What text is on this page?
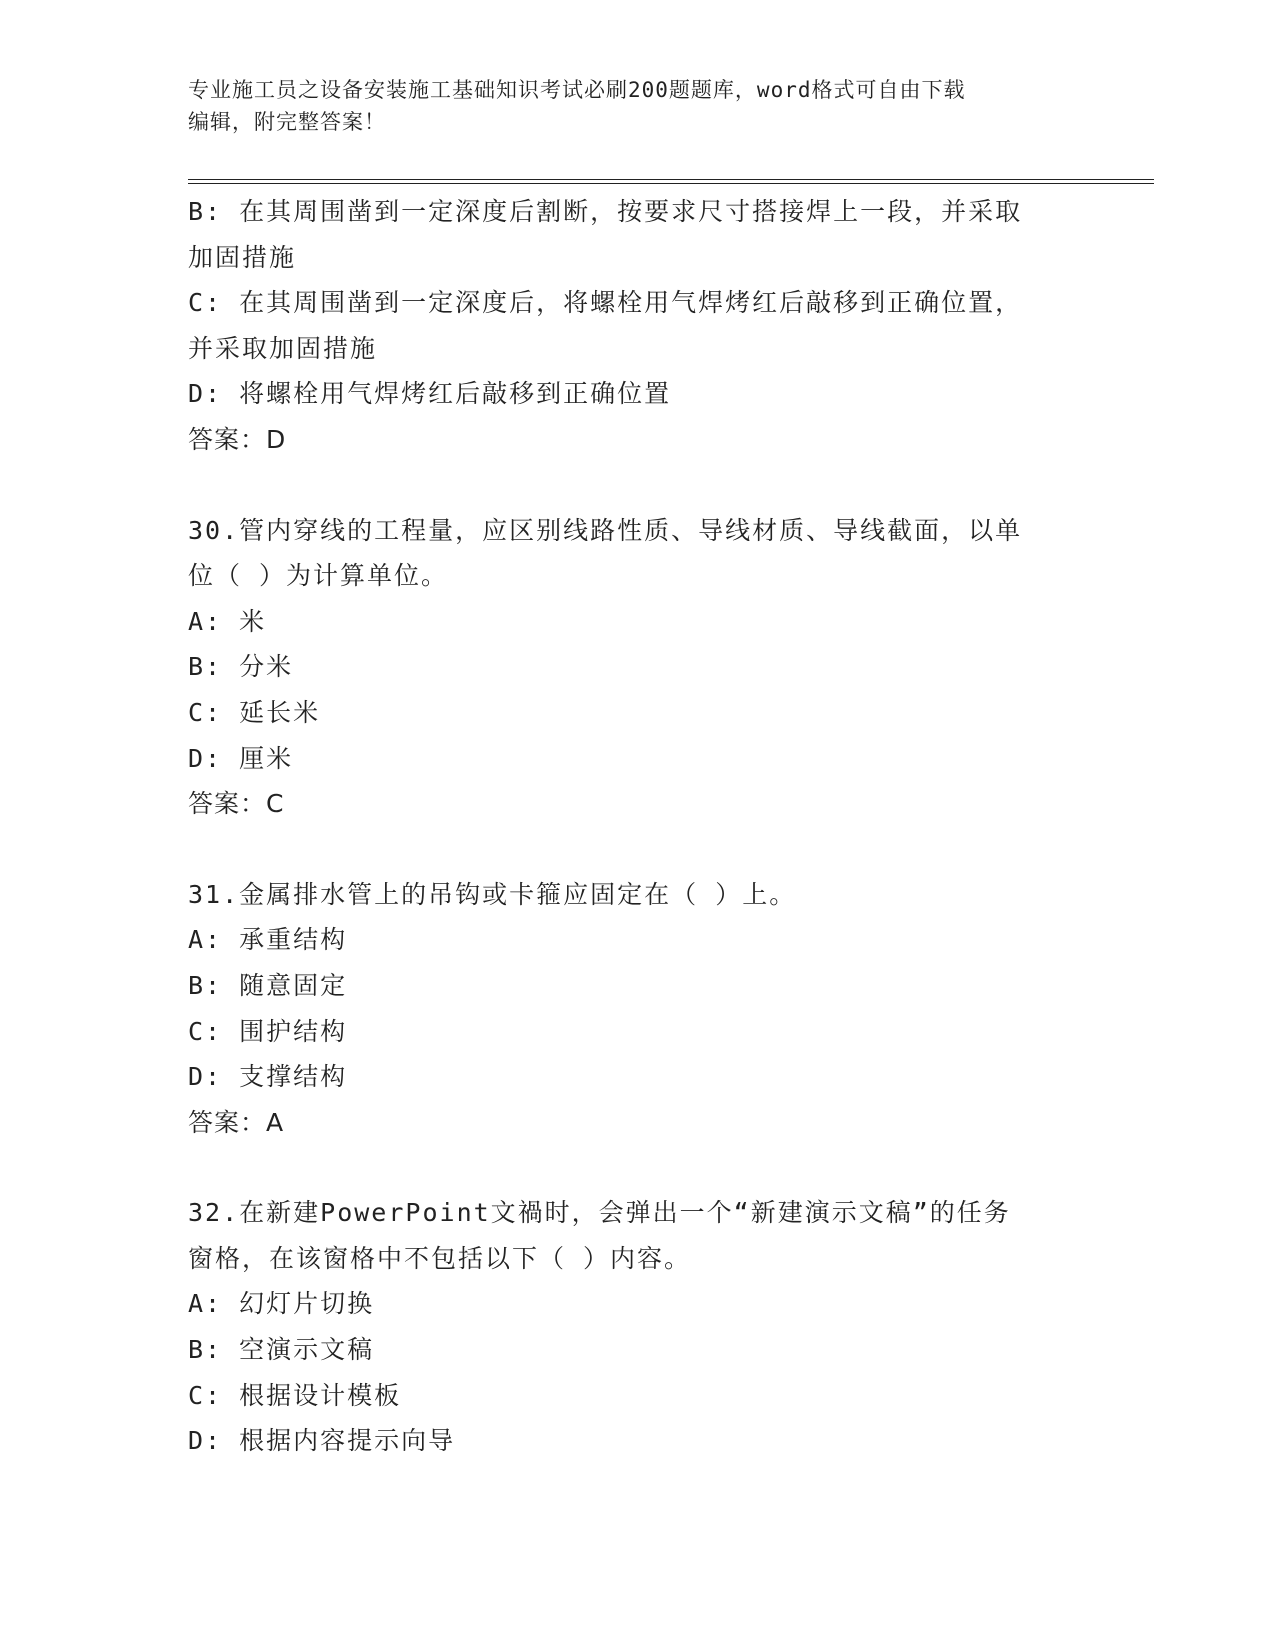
专业施工员之设备安装施工基础知识考试必刷200题题库，word格式可自由下载
编辑，附完整答案！
B: 在其周围凿到一定深度后割断，按要求尺寸搭接焊上一段，并采取
加固措施
C: 在其周围凿到一定深度后，将螺栓用气焊烤红后敲移到正确位置，
并采取加固措施
D: 将螺栓用气焊烤红后敲移到正确位置
答案：D
30.管内穿线的工程量，应区别线路性质、导线材质、导线截面，以单
位（ ）为计算单位。
A: 米
B: 分米
C: 延长米
D: 厘米
答案：C
31.金属排水管上的吊钩或卡箍应固定在（ ）上。
A: 承重结构
B: 随意固定
C: 围护结构
D: 支撑结构
答案：A
32.在新建PowerPoint文禍时，会弹出一个“新建演示文稿”的任务
窗格，在该窗格中不包括以下（ ）内容。
A: 幻灯片切换
B: 空演示文稿
C: 根据设计模板
D: 根据内容提示向导
